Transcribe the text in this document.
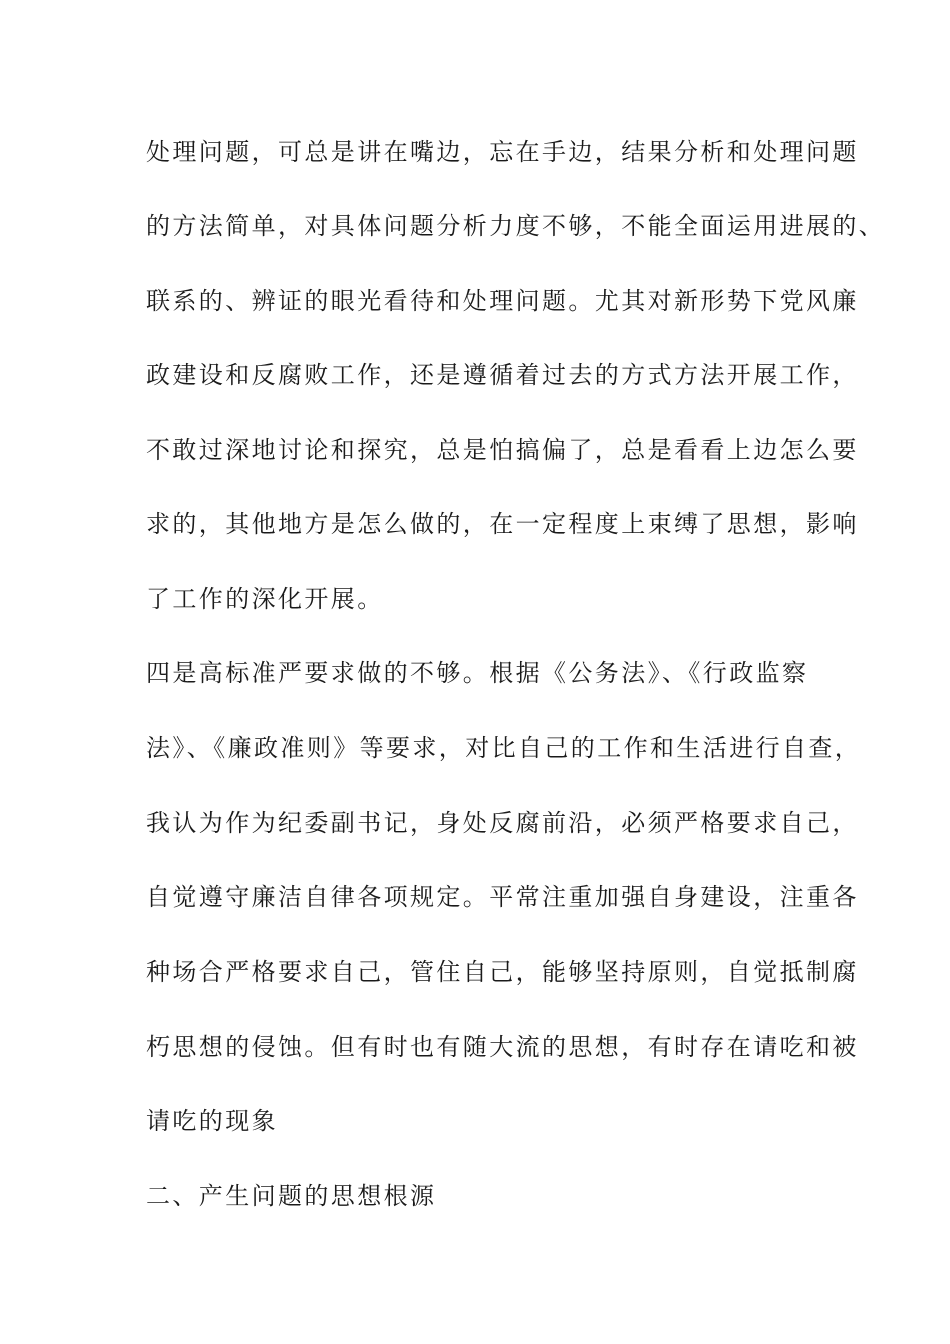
处理问题，可总是讲在嘴边，忘在手边，结果分析和处理问题
的方法简单，对具体问题分析力度不够，不能全面运用进展的、
联系的、辨证的眼光看待和处理问题。尤其对新形势下党风廉
政建设和反腐败工作，还是遵循着过去的方式方法开展工作，
不敢过深地讨论和探究，总是怕搞偏了，总是看看上边怎么要
求的，其他地方是怎么做的，在一定程度上束缚了思想，影响
了工作的深化开展。
四是高标准严要求做的不够。根据《公务法》、《行政监察
法》、《廉政准则》等要求，对比自己的工作和生活进行自查，
我认为作为纪委副书记，身处反腐前沿，必须严格要求自己，
自觉遵守廉洁自律各项规定。平常注重加强自身建设，注重各
种场合严格要求自己，管住自己，能够坚持原则，自觉抵制腐
朽思想的侵蚀。但有时也有随大流的思想，有时存在请吃和被
请吃的现象
二、产生问题的思想根源
